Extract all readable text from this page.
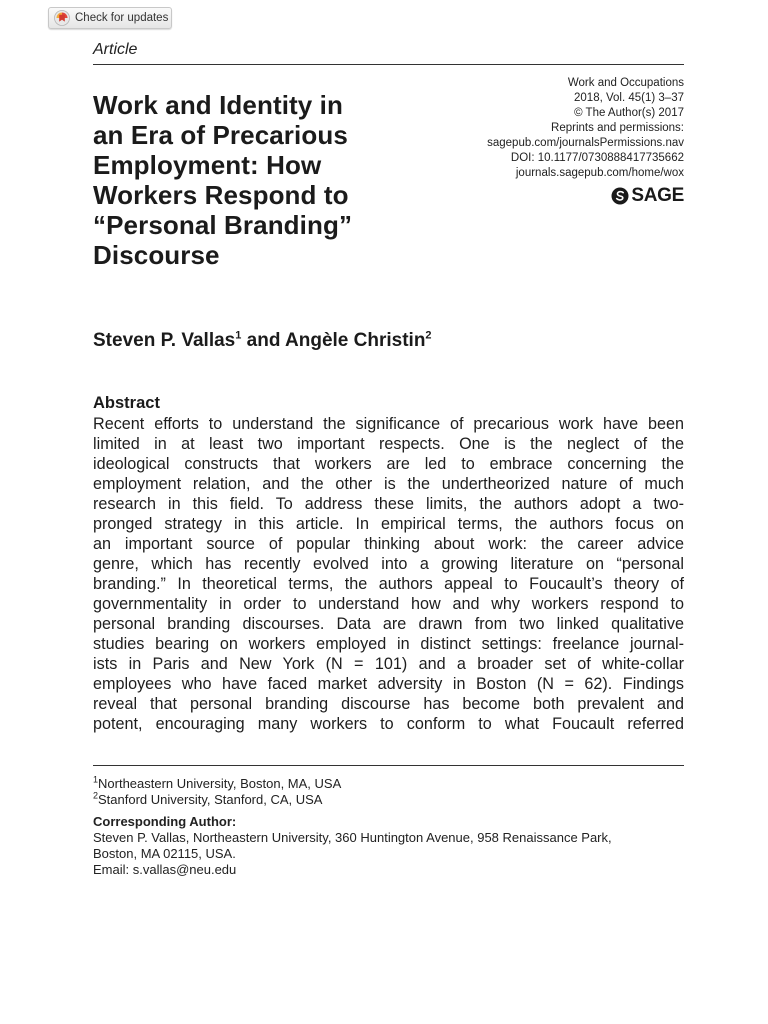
Check for updates
Article
Work and Identity in
an Era of Precarious
Employment: How
Workers Respond to
“Personal Branding”
Discourse
Work and Occupations
2018, Vol. 45(1) 3–37
© The Author(s) 2017
Reprints and permissions:
sagepub.com/journalsPermissions.nav
DOI: 10.1177/0730888417735662
journals.sagepub.com/home/wox
SAGE
Steven P. Vallas$^1$ and Angèle Christin$^2$
Abstract
Recent efforts to understand the significance of precarious work have been
limited in at least two important respects. One is the neglect of the
ideological constructs that workers are led to embrace concerning the
employment relation, and the other is the undertheorized nature of much
research in this field. To address these limits, the authors adopt a two-
pronged strategy in this article. In empirical terms, the authors focus on
an important source of popular thinking about work: the career advice
genre, which has recently evolved into a growing literature on “personal
branding.” In theoretical terms, the authors appeal to Foucault’s theory of
governmentality in order to understand how and why workers respond to
personal branding discourses. Data are drawn from two linked qualitative
studies bearing on workers employed in distinct settings: freelance journal-
ists in Paris and New York (N = 101) and a broader set of white-collar
employees who have faced market adversity in Boston (N = 62). Findings
reveal that personal branding discourse has become both prevalent and
potent, encouraging many workers to conform to what Foucault referred
$^1$Northeastern University, Boston, MA, USA
$^2$Stanford University, Stanford, CA, USA
Corresponding Author:
Steven P. Vallas, Northeastern University, 360 Huntington Avenue, 958 Renaissance Park,
Boston, MA 02115, USA.
Email: s.vallas@neu.edu
